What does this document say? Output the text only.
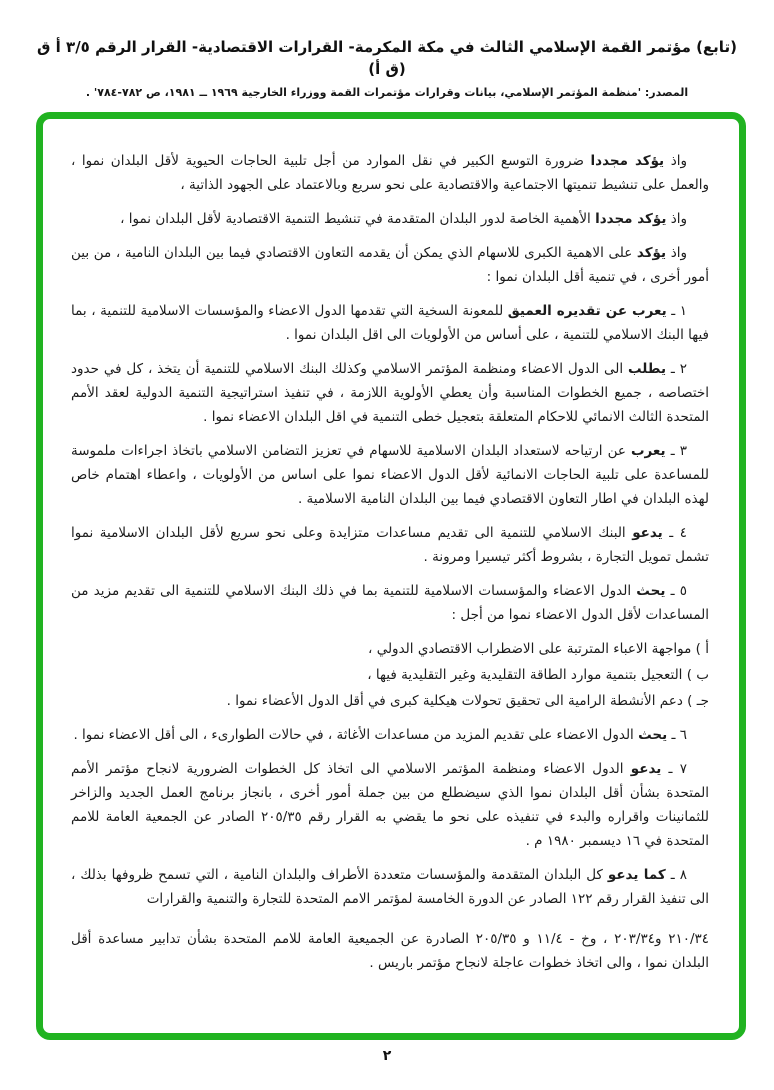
(تابع) مؤتمر القمة الإسلامي الثالث في مكة المكرمة- القرارات الاقتصادية- القرار الرقم ٣/٥ أ ق (ق أ)
المصدر: 'منظمة المؤتمر الإسلامي، بيانات وقرارات مؤتمرات القمة ووزراء الخارجية ١٩٦٩ ــ ١٩٨١، ص ٧٨٢-٧٨٤' .

واذ يؤكد مجددا ضرورة التوسع الكبير في نقل الموارد من أجل تلبية الحاجات الحيوية لأقل البلدان نموا ، والعمل على تنشيط تنميتها الاجتماعية والاقتصادية على نحو سريع وبالاعتماد على الجهود الذاتية ،

واذ يؤكد مجددا الأهمية الخاصة لدور البلدان المتقدمة في تنشيط التنمية الاقتصادية لأقل البلدان نموا ،

واذ يؤكد على الاهمية الكبرى للاسهام الذي يمكن أن يقدمه التعاون الاقتصادي فيما بين البلدان النامية ، من بين أمور أخرى ، في تنمية أقل البلدان نموا :

١ ـ يعرب عن تقديره العميق للمعونة السخية التي تقدمها الدول الاعضاء والمؤسسات الاسلامية للتنمية ، بما فيها البنك الاسلامي للتنمية ، على أساس من الأولويات الى اقل البلدان نموا .

٢ ـ يطلب الى الدول الاعضاء ومنظمة المؤتمر الاسلامي وكذلك البنك الاسلامي للتنمية أن يتخذ ، كل في حدود اختصاصه ، جميع الخطوات المناسبة وأن يعطي الأولوية اللازمة ، في تنفيذ استراتيجية التنمية الدولية لعقد الأمم المتحدة الثالث الانمائي للاحكام المتعلقة بتعجيل خطى التنمية في اقل البلدان الاعضاء نموا .

٣ ـ يعرب عن ارتياحه لاستعداد البلدان الاسلامية للاسهام في تعزيز التضامن الاسلامي باتخاذ اجراءات ملموسة للمساعدة على تلبية الحاجات الانمائية لأقل الدول الاعضاء نموا على اساس من الأولويات ، واعطاء اهتمام خاص لهذه البلدان في اطار التعاون الاقتصادي فيما بين البلدان النامية الاسلامية .

٤ ـ يدعو البنك الاسلامي للتنمية الى تقديم مساعدات متزايدة وعلى نحو سريع لأقل البلدان الاسلامية نموا تشمل تمويل التجارة ، بشروط أكثر تيسيرا ومرونة .

٥ ـ يحث الدول الاعضاء والمؤسسات الاسلامية للتنمية بما في ذلك البنك الاسلامي للتنمية الى تقديم مزيد من المساعدات لأقل الدول الاعضاء نموا من أجل :

أ ) مواجهة الاعباء المترتبة على الاضطراب الاقتصادي الدولي ،

ب ) التعجيل بتنمية موارد الطاقة التقليدية وغير التقليدية فيها ،

جـ ) دعم الأنشطة الرامية الى تحقيق تحولات هيكلية كبرى في أقل الدول الأعضاء نموا .

٦ ـ يحث الدول الاعضاء على تقديم المزيد من مساعدات الأغاثة ، في حالات الطوارىء ، الى أقل الاعضاء نموا .

٧ ـ يدعو الدول الاعضاء ومنظمة المؤتمر الاسلامي الى اتخاذ كل الخطوات الضرورية لانجاح مؤتمر الأمم المتحدة بشأن أقل البلدان نموا الذي سيضطلع من بين جملة أمور أخرى ، بانجاز برنامج العمل الجديد والزاخر للثمانينات واقراره والبدء في تنفيذه على نحو ما يقضي به القرار رقم ٢٠٥/٣٥ الصادر عن الجمعية العامة للامم المتحدة في ١٦ ديسمبر ١٩٨٠ م .

٨ ـ كما يدعو كل البلدان المتقدمة والمؤسسات متعددة الأطراف والبلدان النامية ، التي تسمح ظروفها بذلك ، الى تنفيذ القرار رقم ١٢٢ الصادر عن الدورة الخامسة لمؤتمر الامم المتحدة للتجارة والتنمية والقرارات

٢١٠/٣٤ و٢٠٣/٣٤ ، وخ - ١١/٤ و ٢٠٥/٣٥ الصادرة عن الجميعية العامة للامم المتحدة بشأن تدابير مساعدة أقل البلدان نموا ، والى اتخاذ خطوات عاجلة لانجاح مؤتمر باريس .

٢
